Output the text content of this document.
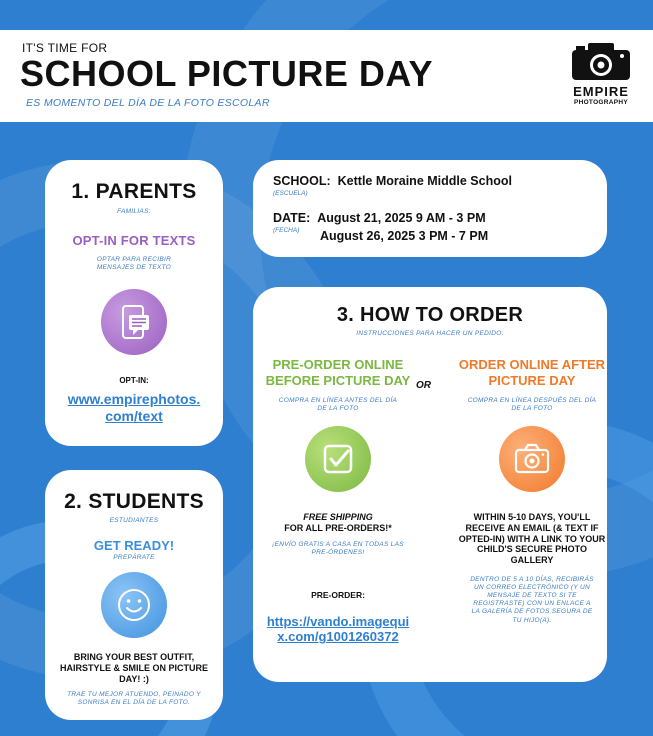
IT'S TIME FOR
SCHOOL PICTURE DAY
ES MOMENTO DEL DÍA DE LA FOTO ESCOLAR
EMPIRE
PHOTOGRAPHY
1. PARENTS
FAMILIAS:
OPT-IN FOR TEXTS
OPTAR PARA RECIBIR MENSAJES DE TEXTO
OPT-IN:
www.empirephotos.com/text
2. STUDENTS
ESTUDIANTES
GET READY!
PREPÁRATE
BRING YOUR BEST OUTFIT, HAIRSTYLE & SMILE ON PICTURE DAY! :)
TRAE TU MEJOR ATUENDO, PEINADO Y SONRISA EN EL DÍA DE LA FOTO.
SCHOOL: Kettle Moraine Middle School
(ESCUELA)
DATE: August 21, 2025 9 AM - 3 PM
(FECHA) August 26, 2025 3 PM - 7 PM
3. HOW TO ORDER
INSTRUCCIONES PARA HACER UN PEDIDO:
OR
PRE-ORDER ONLINE BEFORE PICTURE DAY
COMPRA EN LÍNEA ANTES DEL DÍA DE LA FOTO
FREE SHIPPING
FOR ALL PRE-ORDERS!*
¡ENVÍO GRATIS A CASA EN TODAS LAS PRE-ÓRDENES!
PRE-ORDER:
https://vando.imagequix.com/g1001260372
ORDER ONLINE AFTER PICTURE DAY
COMPRA EN LÍNEA DESPUÉS DEL DÍA DE LA FOTO
WITHIN 5-10 DAYS, YOU'LL RECEIVE AN EMAIL (& TEXT IF OPTED-IN) WITH A LINK TO YOUR CHILD'S SECURE PHOTO GALLERY
DENTRO DE 5 A 10 DÍAS, RECIBIRÁS UN CORREO ELECTRÓNICO (Y UN MENSAJE DE TEXTO SI TE REGISTRASTE) CON UN ENLACE A LA GALERÍA DE FOTOS SEGURA DE TU HIJO(A).
